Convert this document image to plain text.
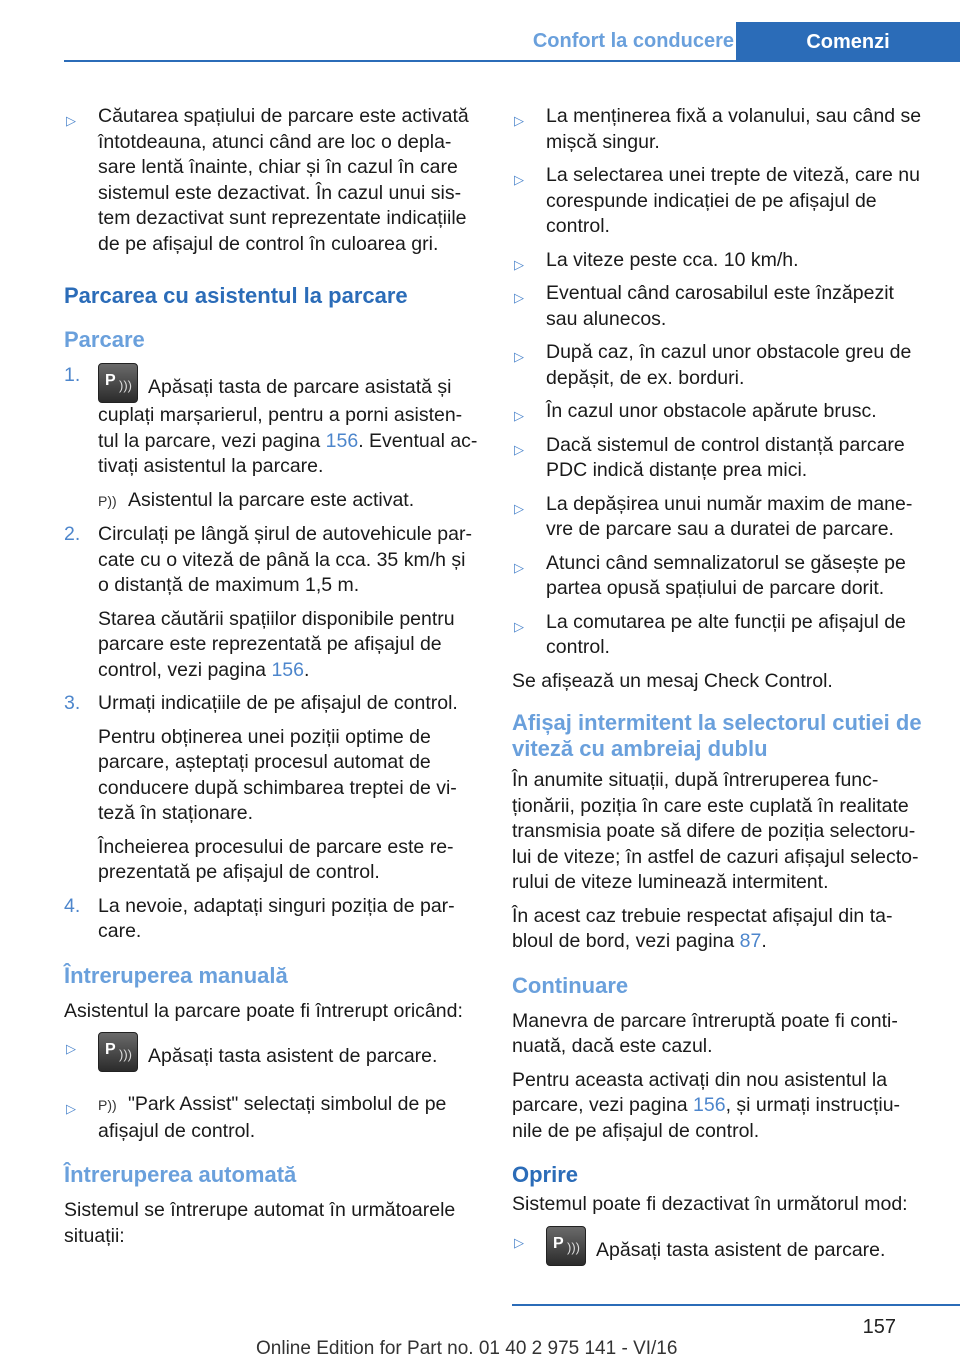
Confort la conducere	Comenzi
▷ Căutarea spațiului de parcare este activată întotdeauna, atunci când are loc o depla‐sare lentă înainte, chiar și în cazul în care sistemul este dezactivat. În cazul unui sis‐tem dezactivat sunt reprezentate indicațiile de pe afișajul de control în culoarea gri.
Parcarea cu asistentul la parcare
Parcare
1. P ))) Apăsați tasta de parcare asistată și cuplați marșarierul, pentru a porni asisten‐tul la parcare, vezi pagina 156. Eventual ac‐tivați asistentul la parcare.
P)) Asistentul la parcare este activat.
2. Circulați pe lângă șirul de autovehicule par‐cate cu o viteză de până la cca. 35 km/h și o distanță de maximum 1,5 m.
Starea căutării spațiilor disponibile pentru parcare este reprezentată pe afișajul de control, vezi pagina 156.
3. Urmați indicațiile de pe afișajul de control.
Pentru obținerea unei poziții optime de parcare, așteptați procesul automat de conducere după schimbarea treptei de vi‐teză în staționare.
Încheierea procesului de parcare este re‐prezentată pe afișajul de control.
4. La nevoie, adaptați singuri poziția de par‐care.
Întreruperea manuală
Asistentul la parcare poate fi întrerupt oricând:
▷ P ))) Apăsați tasta asistent de parcare.
▷ P)) "Park Assist" selectați simbolul de pe afișajul de control.
Întreruperea automată
Sistemul se întrerupe automat în următoarele situații:
▷ La menținerea fixă a volanului, sau când se mișcă singur.
▷ La selectarea unei trepte de viteză, care nu corespunde indicației de pe afișajul de control.
▷ La viteze peste cca. 10 km/h.
▷ Eventual când carosabilul este înzăpezit sau alunecos.
▷ După caz, în cazul unor obstacole greu de depășit, de ex. borduri.
▷ În cazul unor obstacole apărute brusc.
▷ Dacă sistemul de control distanță parcare PDC indică distanțe prea mici.
▷ La depășirea unui număr maxim de mane‐vre de parcare sau a duratei de parcare.
▷ Atunci când semnalizatorul se găsește pe partea opusă spațiului de parcare dorit.
▷ La comutarea pe alte funcții pe afișajul de control.
Se afișează un mesaj Check Control.
Afișaj intermitent la selectorul cutiei de viteză cu ambreiaj dublu
În anumite situații, după întreruperea func‐ționării, poziția în care este cuplată în realitate transmisia poate să difere de poziția selectoru‐lui de viteze; în astfel de cazuri afișajul selecto‐rului de viteze luminează intermitent.
În acest caz trebuie respectat afișajul din ta‐bloul de bord, vezi pagina 87.
Continuare
Manevra de parcare întreruptă poate fi conti‐nuată, dacă este cazul.
Pentru aceasta activați din nou asistentul la parcare, vezi pagina 156, și urmați instrucțiu‐nile de pe afișajul de control.
Oprire
Sistemul poate fi dezactivat în următorul mod:
▷ P ))) Apăsați tasta asistent de parcare.
157
Online Edition for Part no. 01 40 2 975 141 - VI/16
